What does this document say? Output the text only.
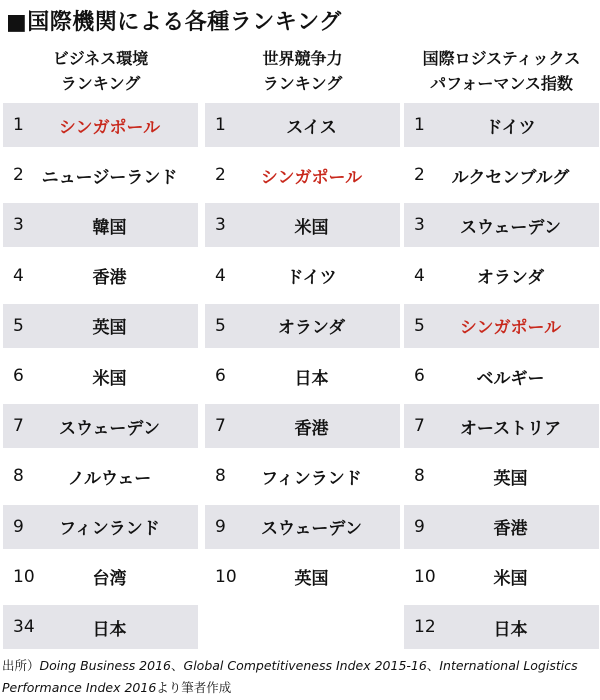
■国際機関による各種ランキング
ビジネス環境
ランキング
1	シンガポール
2	ニュージーランド
3	韓国
4	香港
5	英国
6	米国
7	スウェーデン
8	ノルウェー
9	フィンランド
10	台湾
34	日本
世界競争力
ランキング
1	スイス
2	シンガポール
3	米国
4	ドイツ
5	オランダ
6	日本
7	香港
8	フィンランド
9	スウェーデン
10	英国
国際ロジスティックス
パフォーマンス指数
1	ドイツ
2	ルクセンブルグ
3	スウェーデン
4	オランダ
5	シンガポール
6	ベルギー
7	オーストリア
8	英国
9	香港
10	米国
12	日本
出所）Doing Business 2016、Global Competitiveness Index 2015-16、International Logistics Performance Index 2016より筆者作成
